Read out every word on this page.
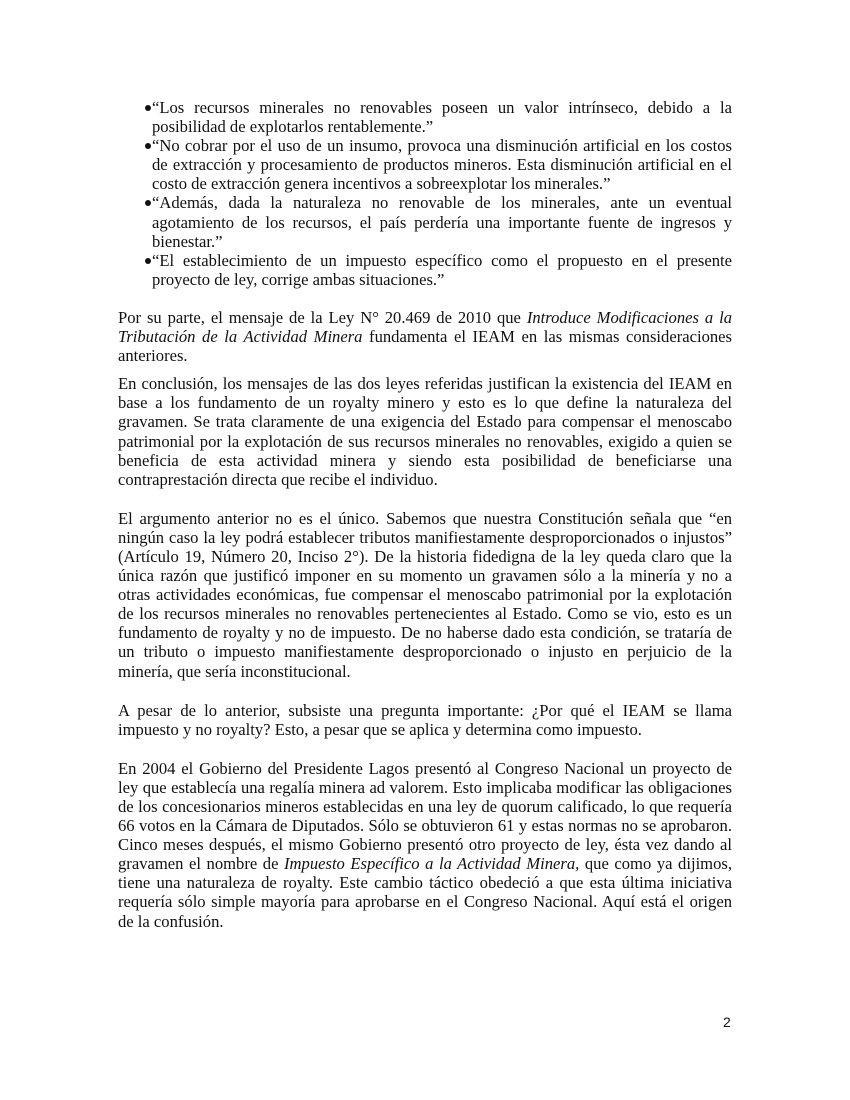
“Los recursos minerales no renovables poseen un valor intrínseco, debido a la posibilidad de explotarlos rentablemente.”
“No cobrar por el uso de un insumo, provoca una disminución artificial en los costos de extracción y procesamiento de productos mineros. Esta disminución artificial en el costo de extracción genera incentivos a sobreexplotar los minerales.”
“Además, dada la naturaleza no renovable de los minerales, ante un eventual agotamiento de los recursos, el país perdería una importante fuente de ingresos y bienestar.”
“El establecimiento de un impuesto específico como el propuesto en el presente proyecto de ley, corrige ambas situaciones.”

Por su parte, el mensaje de la Ley N° 20.469 de 2010 que Introduce Modificaciones a la Tributación de la Actividad Minera fundamenta el IEAM en las mismas consideraciones anteriores.

En conclusión, los mensajes de las dos leyes referidas justifican la existencia del IEAM en base a los fundamento de un royalty minero y esto es lo que define la naturaleza del gravamen. Se trata claramente de una exigencia del Estado para compensar el menoscabo patrimonial por la explotación de sus recursos minerales no renovables, exigido a quien se beneficia de esta actividad minera y siendo esta posibilidad de beneficiarse una contraprestación directa que recibe el individuo.

El argumento anterior no es el único. Sabemos que nuestra Constitución señala que “en ningún caso la ley podrá establecer tributos manifiestamente desproporcionados o injustos” (Artículo 19, Número 20, Inciso 2°). De la historia fidedigna de la ley queda claro que la única razón que justificó imponer en su momento un gravamen sólo a la minería y no a otras actividades económicas, fue compensar el menoscabo patrimonial por la explotación de los recursos minerales no renovables pertenecientes al Estado. Como se vio, esto es un fundamento de royalty y no de impuesto. De no haberse dado esta condición, se trataría de un tributo o impuesto manifiestamente desproporcionado o injusto en perjuicio de la minería, que sería inconstitucional.

A pesar de lo anterior, subsiste una pregunta importante: ¿Por qué el IEAM se llama impuesto y no royalty? Esto, a pesar que se aplica y determina como impuesto.

En 2004 el Gobierno del Presidente Lagos presentó al Congreso Nacional un proyecto de ley que establecía una regalía minera ad valorem. Esto implicaba modificar las obligaciones de los concesionarios mineros establecidas en una ley de quorum calificado, lo que requería 66 votos en la Cámara de Diputados. Sólo se obtuvieron 61 y estas normas no se aprobaron. Cinco meses después, el mismo Gobierno presentó otro proyecto de ley, ésta vez dando al gravamen el nombre de Impuesto Específico a la Actividad Minera, que como ya dijimos, tiene una naturaleza de royalty. Este cambio táctico obedeció a que esta última iniciativa requería sólo simple mayoría para aprobarse en el Congreso Nacional. Aquí está el origen de la confusión.

2
